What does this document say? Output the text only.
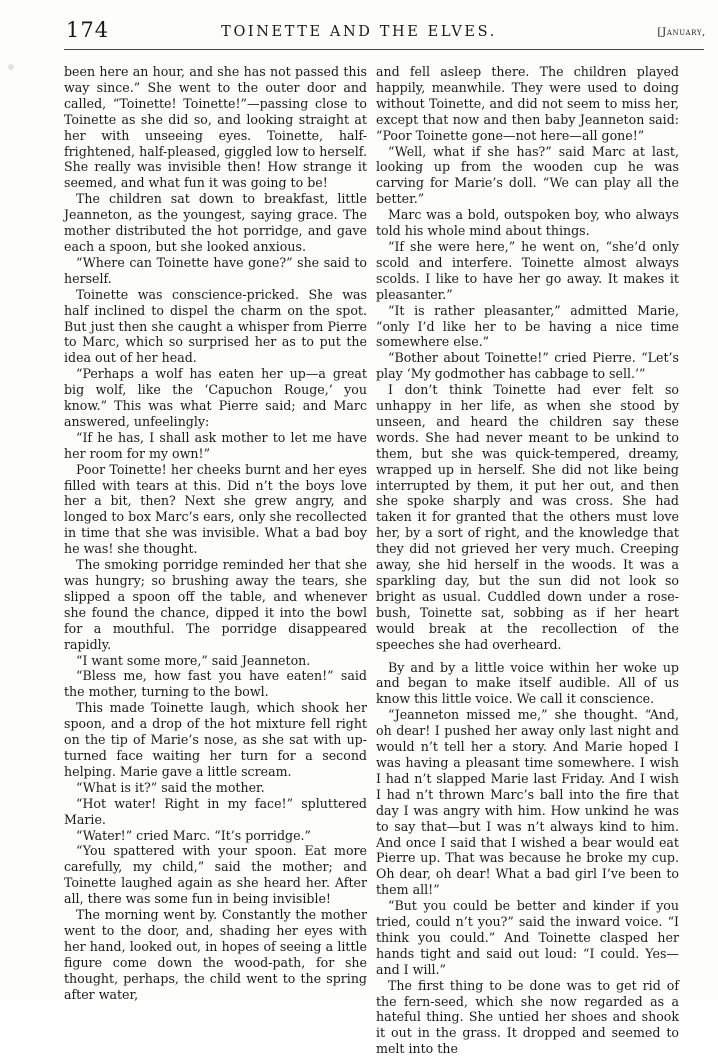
174	TOINETTE AND THE ELVES.	[January,

been here an hour, and she has not passed this way since.” She went to the outer door and called, “Toinette! Toinette!”—passing close to Toinette as she did so, and looking straight at her with unseeing eyes. Toinette, half-frightened, half-pleased, giggled low to herself. She really was invisible then! How strange it seemed, and what fun it was going to be!

The children sat down to breakfast, little Jeanneton, as the youngest, saying grace. The mother distributed the hot porridge, and gave each a spoon, but she looked anxious.

“Where can Toinette have gone?” she said to herself.

Toinette was conscience-pricked. She was half inclined to dispel the charm on the spot. But just then she caught a whisper from Pierre to Marc, which so surprised her as to put the idea out of her head.

“Perhaps a wolf has eaten her up—a great big wolf, like the ‘Capuchon Rouge,’ you know.” This was what Pierre said; and Marc answered, unfeelingly:

“If he has, I shall ask mother to let me have her room for my own!”

Poor Toinette! her cheeks burnt and her eyes filled with tears at this. Did n’t the boys love her a bit, then? Next she grew angry, and longed to box Marc’s ears, only she recollected in time that she was invisible. What a bad boy he was! she thought.

The smoking porridge reminded her that she was hungry; so brushing away the tears, she slipped a spoon off the table, and whenever she found the chance, dipped it into the bowl for a mouthful. The porridge disappeared rapidly.

“I want some more,” said Jeanneton.

“Bless me, how fast you have eaten!” said the mother, turning to the bowl.

This made Toinette laugh, which shook her spoon, and a drop of the hot mixture fell right on the tip of Marie’s nose, as she sat with up-turned face waiting her turn for a second helping. Marie gave a little scream.

“What is it?” said the mother.

“Hot water! Right in my face!” spluttered Marie.

“Water!” cried Marc. “It’s porridge.”

“You spattered with your spoon. Eat more carefully, my child,” said the mother; and Toinette laughed again as she heard her. After all, there was some fun in being invisible!

The morning went by. Constantly the mother went to the door, and, shading her eyes with her hand, looked out, in hopes of seeing a little figure come down the wood-path, for she thought, perhaps, the child went to the spring after water,

and fell asleep there. The children played happily, meanwhile. They were used to doing without Toinette, and did not seem to miss her, except that now and then baby Jeanneton said: “Poor Toinette gone—not here—all gone!”

“Well, what if she has?” said Marc at last, looking up from the wooden cup he was carving for Marie’s doll. “We can play all the better.”

Marc was a bold, outspoken boy, who always told his whole mind about things.

“If she were here,” he went on, “she’d only scold and interfere. Toinette almost always scolds. I like to have her go away. It makes it pleasanter.”

“It is rather pleasanter,” admitted Marie, “only I’d like her to be having a nice time somewhere else.”

“Bother about Toinette!” cried Pierre. “Let’s play ‘My godmother has cabbage to sell.’”

I don’t think Toinette had ever felt so unhappy in her life, as when she stood by unseen, and heard the children say these words. She had never meant to be unkind to them, but she was quick-tempered, dreamy, wrapped up in herself. She did not like being interrupted by them, it put her out, and then she spoke sharply and was cross. She had taken it for granted that the others must love her, by a sort of right, and the knowledge that they did not grieved her very much. Creeping away, she hid herself in the woods. It was a sparkling day, but the sun did not look so bright as usual. Cuddled down under a rose-bush, Toinette sat, sobbing as if her heart would break at the recollection of the speeches she had overheard.

By and by a little voice within her woke up and began to make itself audible. All of us know this little voice. We call it conscience.

“Jeanneton missed me,” she thought. “And, oh dear! I pushed her away only last night and would n’t tell her a story. And Marie hoped I was having a pleasant time somewhere. I wish I had n’t slapped Marie last Friday. And I wish I had n’t thrown Marc’s ball into the fire that day I was angry with him. How unkind he was to say that—but I was n’t always kind to him. And once I said that I wished a bear would eat Pierre up. That was because he broke my cup. Oh dear, oh dear! What a bad girl I’ve been to them all!”

“But you could be better and kinder if you tried, could n’t you?” said the inward voice. “I think you could.” And Toinette clasped her hands tight and said out loud: “I could. Yes—and I will.”

The first thing to be done was to get rid of the fern-seed, which she now regarded as a hateful thing. She untied her shoes and shook it out in the grass. It dropped and seemed to melt into the
